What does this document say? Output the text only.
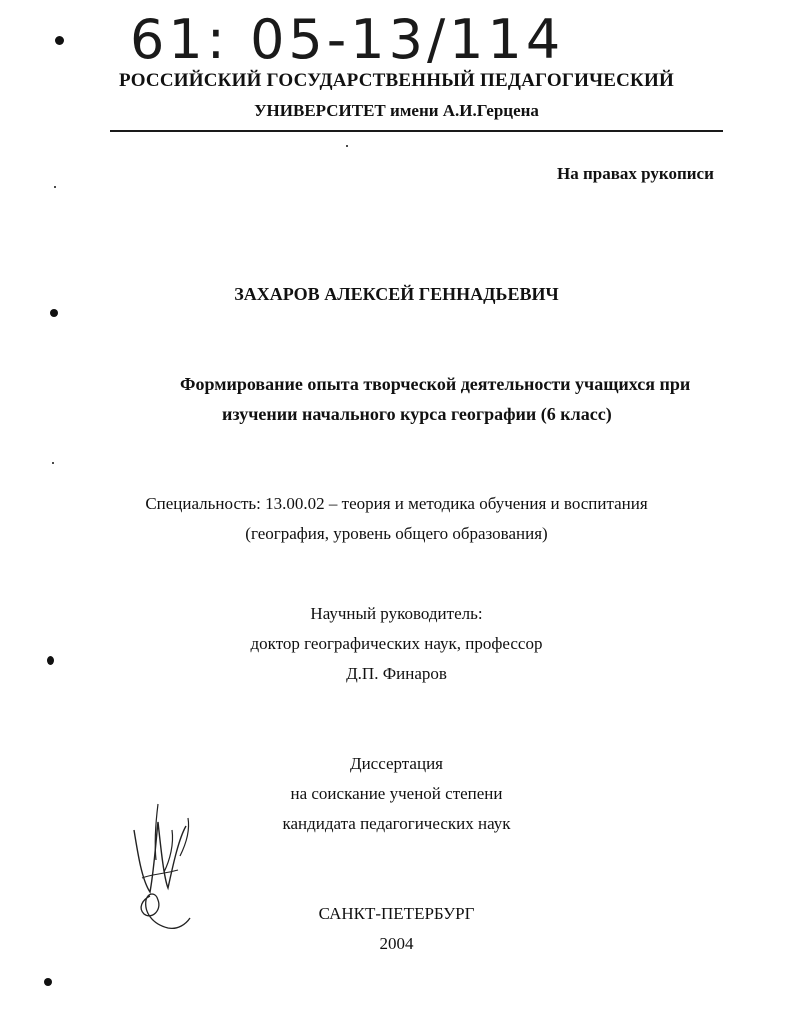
61: 05-13/114
РОССИЙСКИЙ ГОСУДАРСТВЕННЫЙ ПЕДАГОГИЧЕСКИЙ
УНИВЕРСИТЕТ имени А.И.Герцена
На правах рукописи
ЗАХАРОВ АЛЕКСЕЙ ГЕННАДЬЕВИЧ
Формирование опыта творческой деятельности учащихся при
изучении начального курса географии (6 класс)
Специальность: 13.00.02 – теория и методика обучения и воспитания
(география, уровень общего образования)
Научный руководитель:
доктор географических наук, профессор
Д.П. Финаров
Диссертация
на соискание ученой степени
кандидата педагогических наук
САНКТ-ПЕТЕРБУРГ
2004
